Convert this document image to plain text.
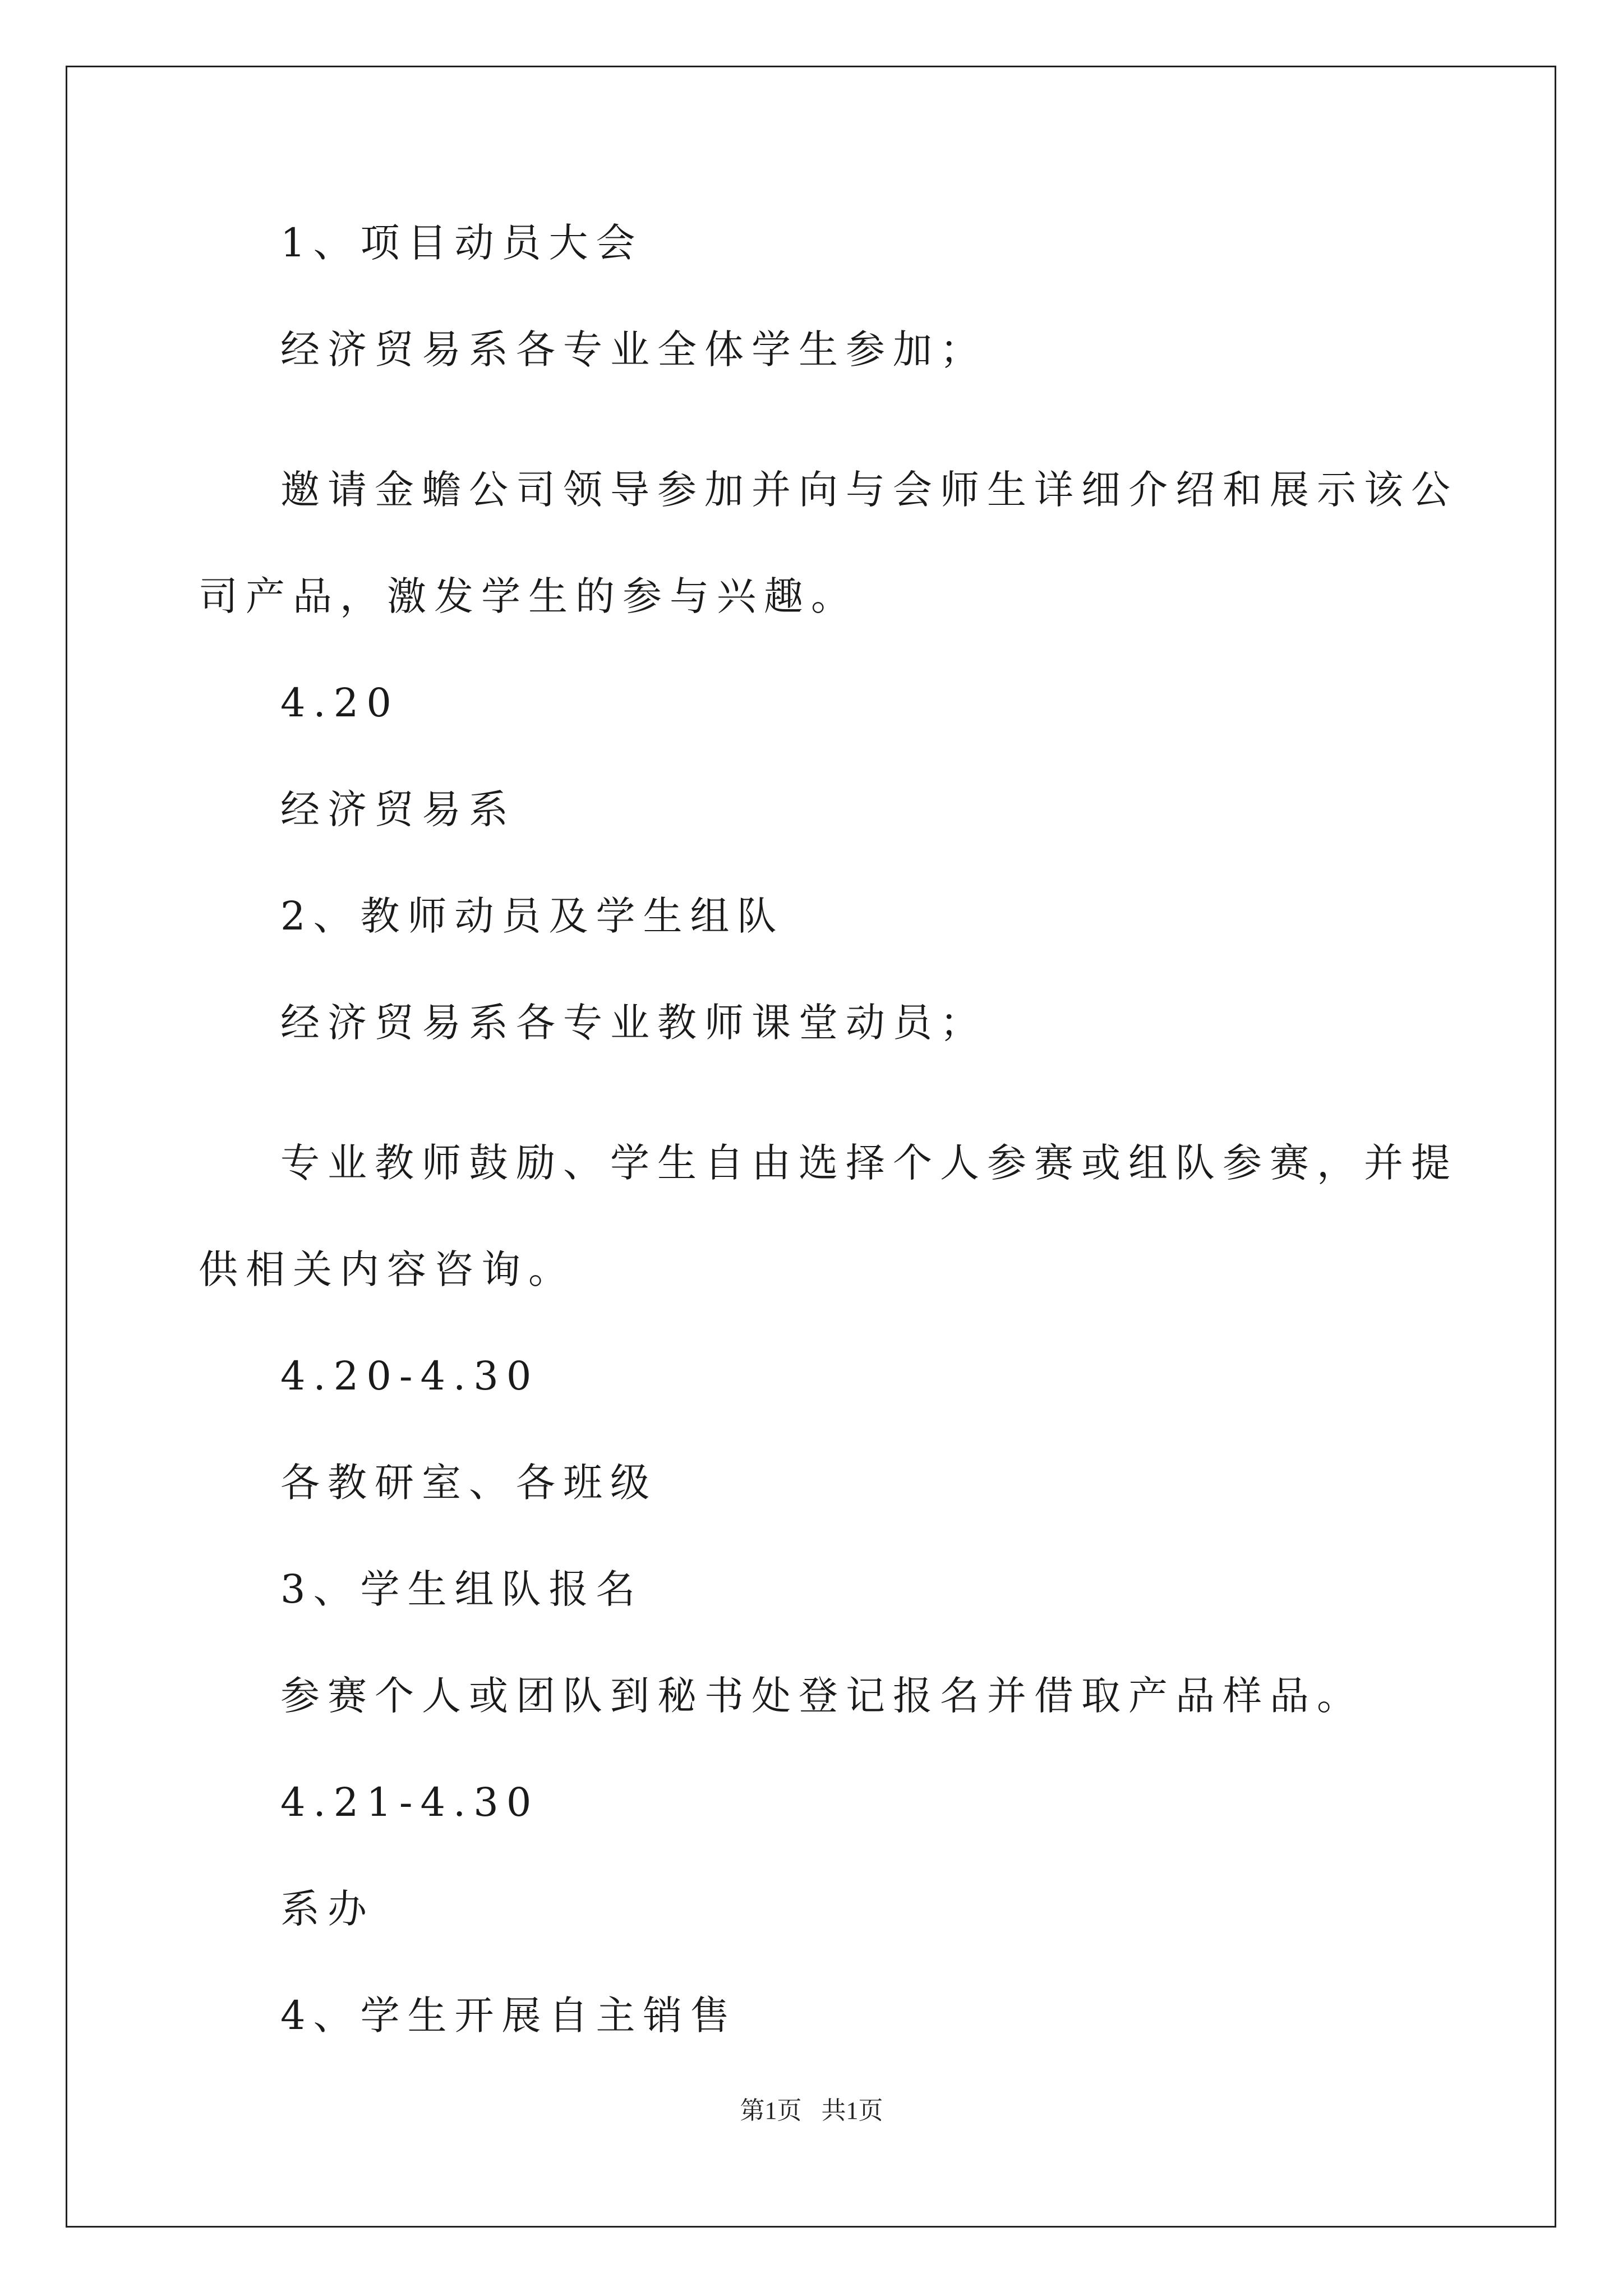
1、项目动员大会

经济贸易系各专业全体学生参加；

邀请金蟾公司领导参加并向与会师生详细介绍和展示该公司产品，激发学生的参与兴趣。

4.20

经济贸易系

2、教师动员及学生组队

经济贸易系各专业教师课堂动员；

专业教师鼓励、学生自由选择个人参赛或组队参赛，并提供相关内容咨询。

4.20-4.30

各教研室、各班级

3、学生组队报名

参赛个人或团队到秘书处登记报名并借取产品样品。

4.21-4.30

系办

4、学生开展自主销售

第1页 共1页
